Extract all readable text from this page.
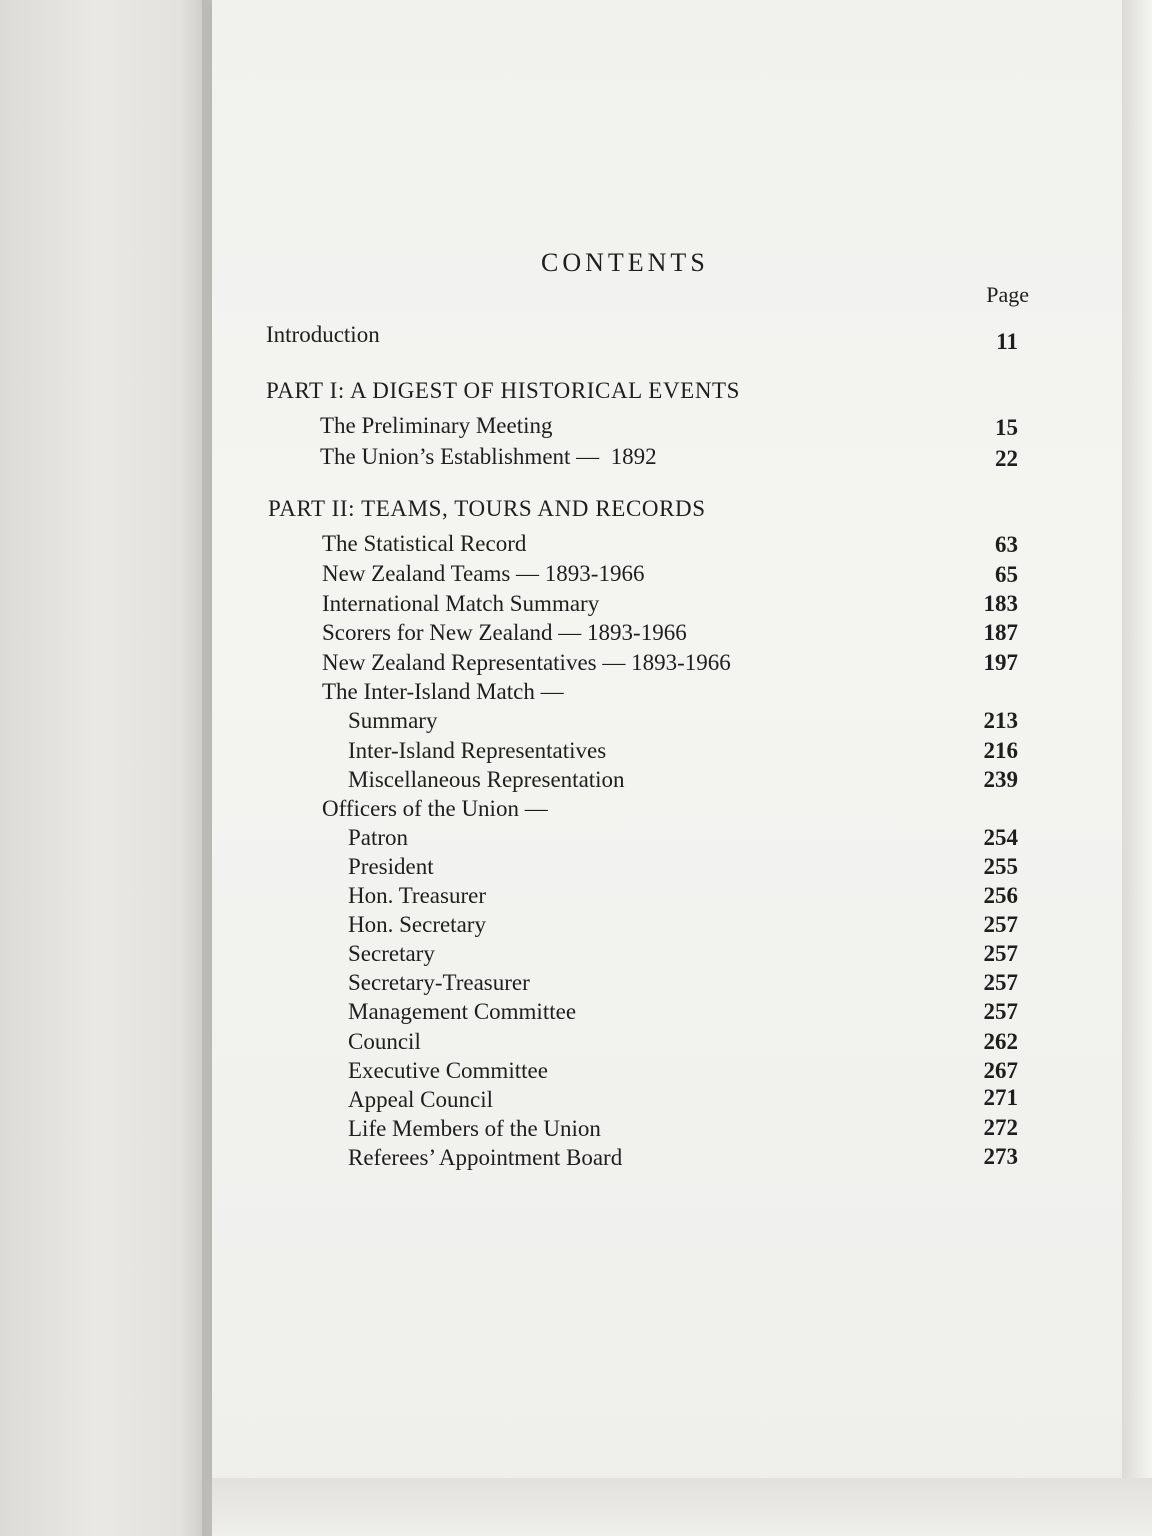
CONTENTS
Page
Introduction	11
PART I: A DIGEST OF HISTORICAL EVENTS
The Preliminary Meeting	15
The Union’s Establishment —  1892	22
PART II: TEAMS, TOURS AND RECORDS
The Statistical Record	63
New Zealand Teams — 1893-1966	65
International Match Summary	183
Scorers for New Zealand — 1893-1966	187
New Zealand Representatives — 1893-1966	197
The Inter-Island Match —
Summary	213
Inter-Island Representatives	216
Miscellaneous Representation	239
Officers of the Union —
Patron	254
President	255
Hon. Treasurer	256
Hon. Secretary	257
Secretary	257
Secretary-Treasurer	257
Management Committee	257
Council	262
Executive Committee	267
Appeal Council	271
Life Members of the Union	272
Referees’ Appointment Board	273
